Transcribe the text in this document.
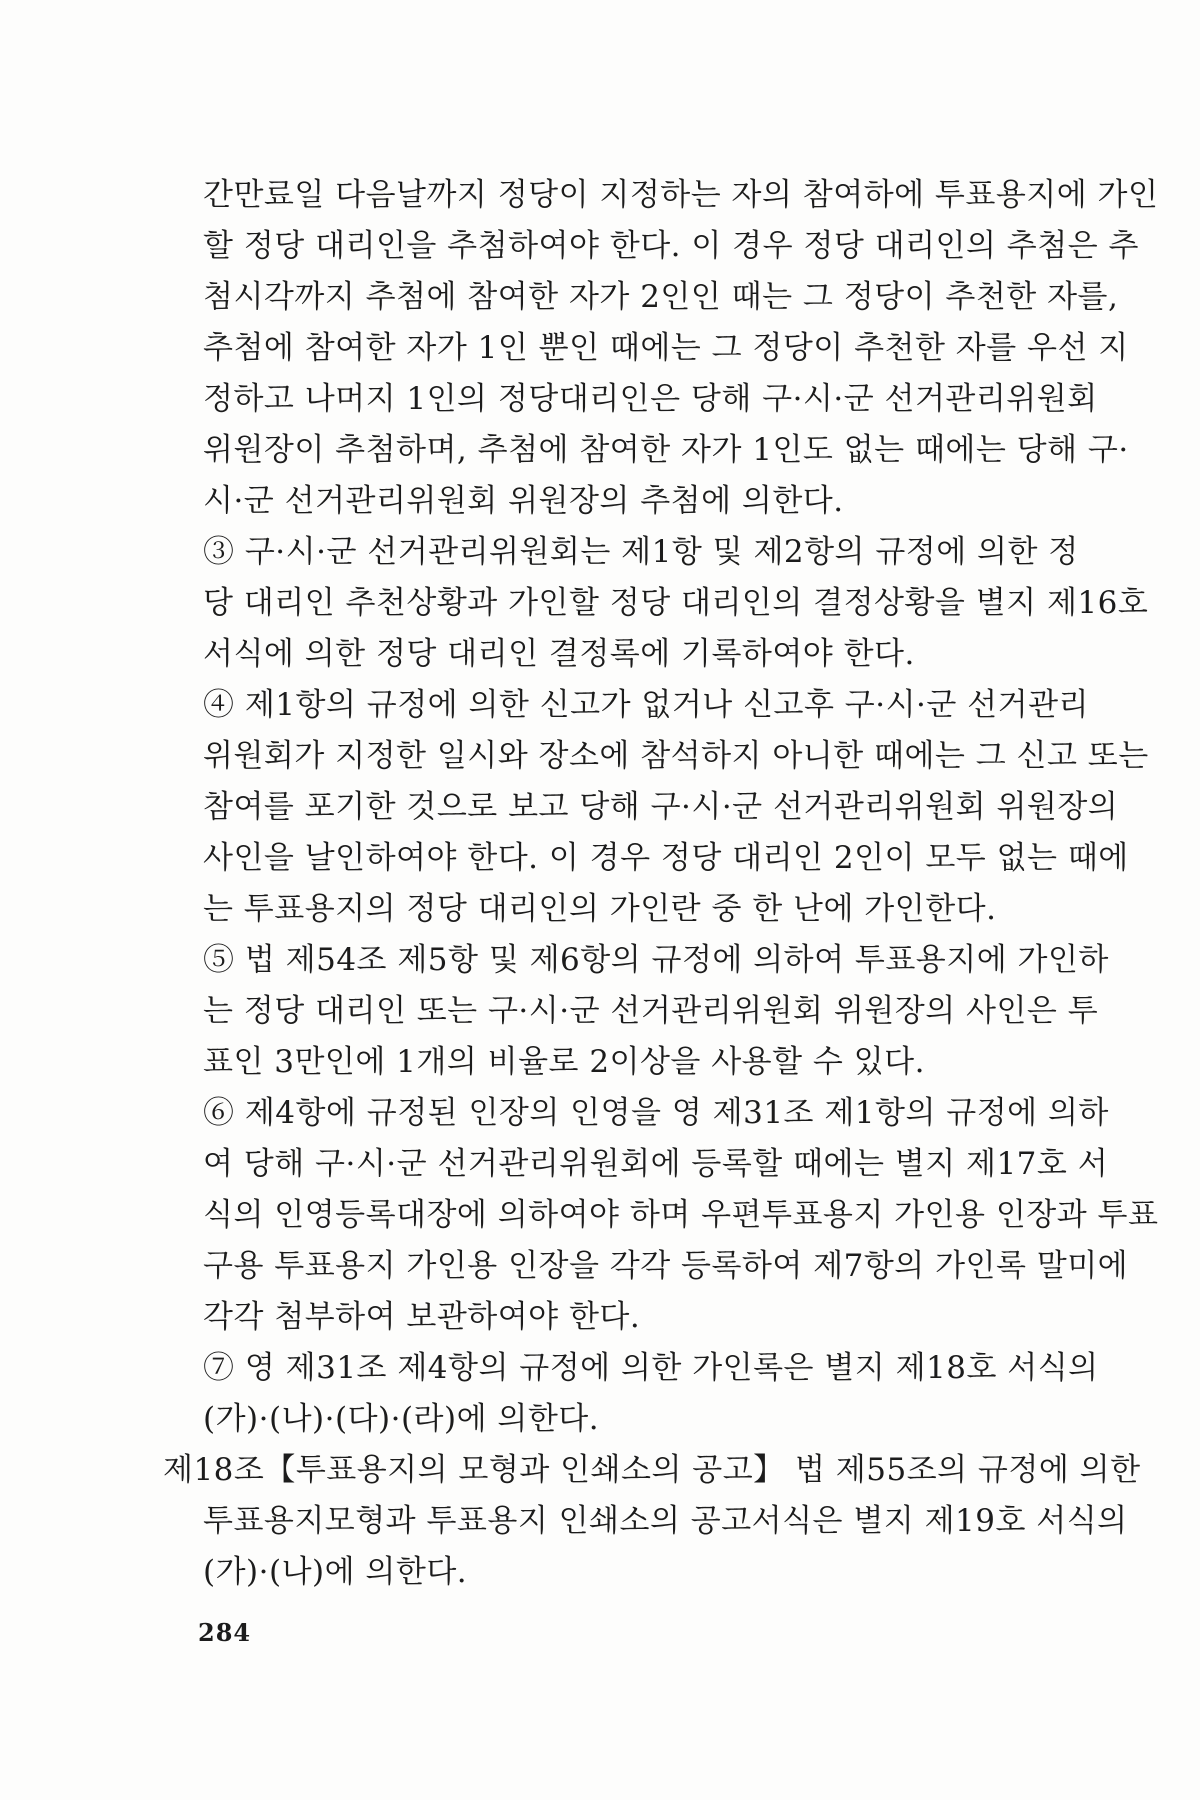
간만료일 다음날까지 정당이 지정하는 자의 참여하에 투표용지에 가인
할 정당 대리인을 추첨하여야 한다. 이 경우 정당 대리인의 추첨은 추
첨시각까지 추첨에 참여한 자가 2인인 때는 그 정당이 추천한 자를,
추첨에 참여한 자가 1인 뿐인 때에는 그 정당이 추천한 자를 우선 지
정하고 나머지 1인의 정당대리인은 당해 구·시·군 선거관리위원회
위원장이 추첨하며, 추첨에 참여한 자가 1인도 없는 때에는 당해 구·
시·군 선거관리위원회 위원장의 추첨에 의한다.
③ 구·시·군 선거관리위원회는 제1항 및 제2항의 규정에 의한 정
당 대리인 추천상황과 가인할 정당 대리인의 결정상황을 별지 제16호
서식에 의한 정당 대리인 결정록에 기록하여야 한다.
④ 제1항의 규정에 의한 신고가 없거나 신고후 구·시·군 선거관리
위원회가 지정한 일시와 장소에 참석하지 아니한 때에는 그 신고 또는
참여를 포기한 것으로 보고 당해 구·시·군 선거관리위원회 위원장의
사인을 날인하여야 한다. 이 경우 정당 대리인 2인이 모두 없는 때에
는 투표용지의 정당 대리인의 가인란 중 한 난에 가인한다.
⑤ 법 제54조 제5항 및 제6항의 규정에 의하여 투표용지에 가인하
는 정당 대리인 또는 구·시·군 선거관리위원회 위원장의 사인은 투
표인 3만인에 1개의 비율로 2이상을 사용할 수 있다.
⑥ 제4항에 규정된 인장의 인영을 영 제31조 제1항의 규정에 의하
여 당해 구·시·군 선거관리위원회에 등록할 때에는 별지 제17호 서
식의 인영등록대장에 의하여야 하며 우편투표용지 가인용 인장과 투표
구용 투표용지 가인용 인장을 각각 등록하여 제7항의 가인록 말미에
각각 첨부하여 보관하여야 한다.
⑦ 영 제31조 제4항의 규정에 의한 가인록은 별지 제18호 서식의
(가)·(나)·(다)·(라)에 의한다.
제18조【투표용지의 모형과 인쇄소의 공고】 법 제55조의 규정에 의한
투표용지모형과 투표용지 인쇄소의 공고서식은 별지 제19호 서식의
(가)·(나)에 의한다.
284
